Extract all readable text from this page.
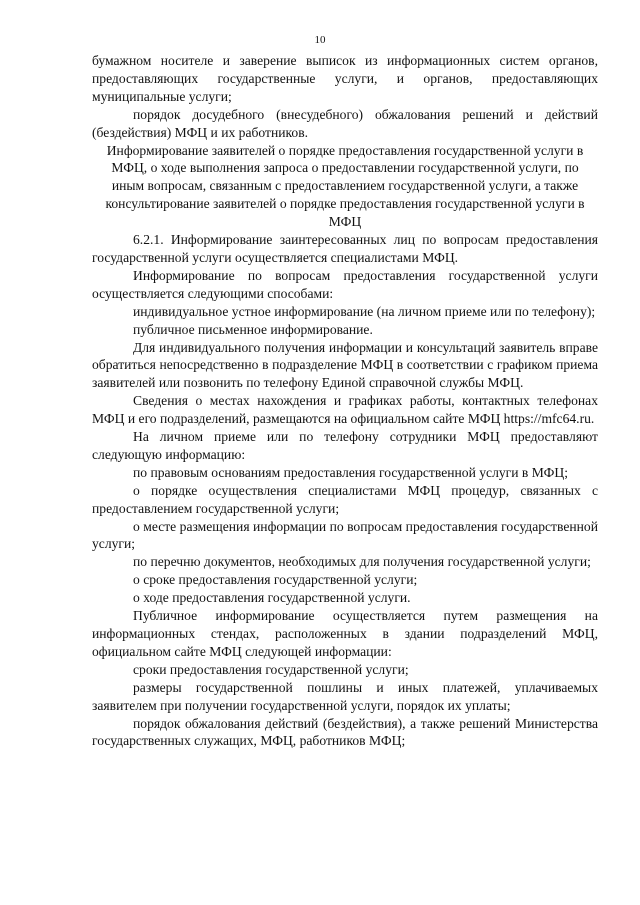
10

бумажном носителе и заверение выписок из информационных систем органов, предоставляющих государственные услуги, и органов, предоставляющих муниципальные услуги;

порядок досудебного (внесудебного) обжалования решений и действий (бездействия) МФЦ и их работников.

Информирование заявителей о порядке предоставления государственной услуги в МФЦ, о ходе выполнения запроса о предоставлении государственной услуги, по иным вопросам, связанным с предоставлением государственной услуги, а также консультирование заявителей о порядке предоставления государственной услуги в МФЦ

6.2.1. Информирование заинтересованных лиц по вопросам предоставления государственной услуги осуществляется специалистами МФЦ.

Информирование по вопросам предоставления государственной услуги осуществляется следующими способами:

индивидуальное устное информирование (на личном приеме или по телефону);

публичное письменное информирование.

Для индивидуального получения информации и консультаций заявитель вправе обратиться непосредственно в подразделение МФЦ в соответствии с графиком приема заявителей или позвонить по телефону Единой справочной службы МФЦ.

Сведения о местах нахождения и графиках работы, контактных телефонах МФЦ и его подразделений, размещаются на официальном сайте МФЦ https://mfc64.ru.

На личном приеме или по телефону сотрудники МФЦ предоставляют следующую информацию:

по правовым основаниям предоставления государственной услуги в МФЦ;

о порядке осуществления специалистами МФЦ процедур, связанных с предоставлением государственной услуги;

о месте размещения информации по вопросам предоставления государственной услуги;

по перечню документов, необходимых для получения государственной услуги;

о сроке предоставления государственной услуги;

о ходе предоставления государственной услуги.

Публичное информирование осуществляется путем размещения на информационных стендах, расположенных в здании подразделений МФЦ, официальном сайте МФЦ следующей информации:

сроки предоставления государственной услуги;

размеры государственной пошлины и иных платежей, уплачиваемых заявителем при получении государственной услуги, порядок их уплаты;

порядок обжалования действий (бездействия), а также решений Министерства государственных служащих, МФЦ, работников МФЦ;
